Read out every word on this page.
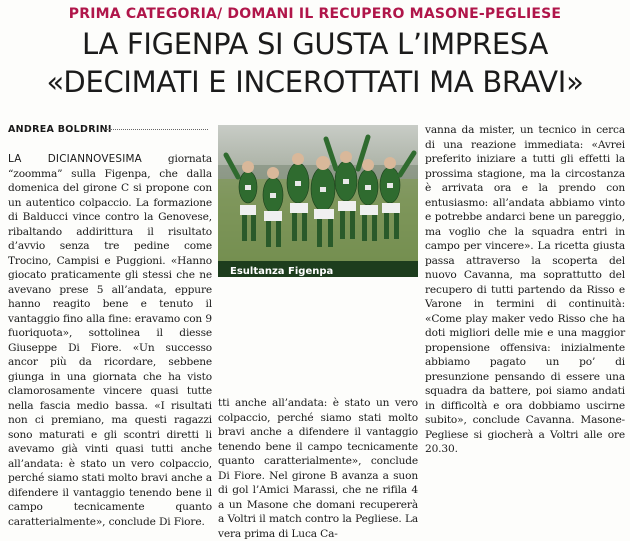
PRIMA CATEGORIA/ DOMANI IL RECUPERO MASONE-PEGLIESE
LA FIGENPA SI GUSTA L’IMPRESA
«DECIMATI E INCEROTTATI MA BRAVI»
ANDREA BOLDRINI

LA DICIANNOVESIMA giornata “zoomma” sulla Figenpa, che dalla domenica del girone C si propone con un autentico colpaccio. La formazione di Balducci vince contro la Genovese, ribaltando addirittura il risultato d’avvio senza tre pedine come Trocino, Campisi e Puggioni. «Hanno giocato praticamente gli stessi che ne avevano prese 5 all’andata, eppure hanno reagito bene e tenuto il vantaggio fino alla fine: eravamo con 9 fuoriquota», sottolinea il diesse Giuseppe Di Fiore. «Un successo ancor più da ricordare, sebbene giunga in una giornata che ha visto clamorosamente vincere quasi tutte nella fascia medio bassa. «I risultati non ci premiano, ma questi ragazzi sono maturati e gli scontri diretti li avevamo già vinti quasi tutti anche all’andata: è stato un vero colpaccio, perché siamo stati molto bravi anche a difendere il vantaggio tenendo bene il campo tecnicamente quanto caratterialmente», conclude Di Fiore.

Esultanza Figenpa

tti anche all’andata: è stato un vero colpaccio, perché siamo stati molto bravi anche a difendere il vantaggio tenendo bene il campo tecnicamente quanto caratterialmente», conclude Di Fiore. Nel girone B avanza a suon di gol l’Amici Marassi, che ne rifila 4 a un Masone che domani recupererà a Voltri il match contro la Pegliese. La vera prima di Luca Ca-

vanna da mister, un tecnico in cerca di una reazione immediata: «Avrei preferito iniziare a tutti gli effetti la prossima stagione, ma la circostanza è arrivata ora e la prendo con entusiasmo: all’andata abbiamo vinto e potrebbe andarci bene un pareggio, ma voglio che la squadra entri in campo per vincere». La ricetta giusta passa attraverso la scoperta del nuovo Cavanna, ma soprattutto del recupero di tutti partendo da Risso e Varone in termini di continuità: «Come play maker vedo Risso che ha doti migliori delle mie e una maggior propensione offensiva: inizialmente abbiamo pagato un po’ di presunzione pensando di essere una squadra da battere, poi siamo andati in difficoltà e ora dobbiamo uscirne subito», conclude Cavanna. Masone-Pegliese si giocherà a Voltri alle ore 20.30.
